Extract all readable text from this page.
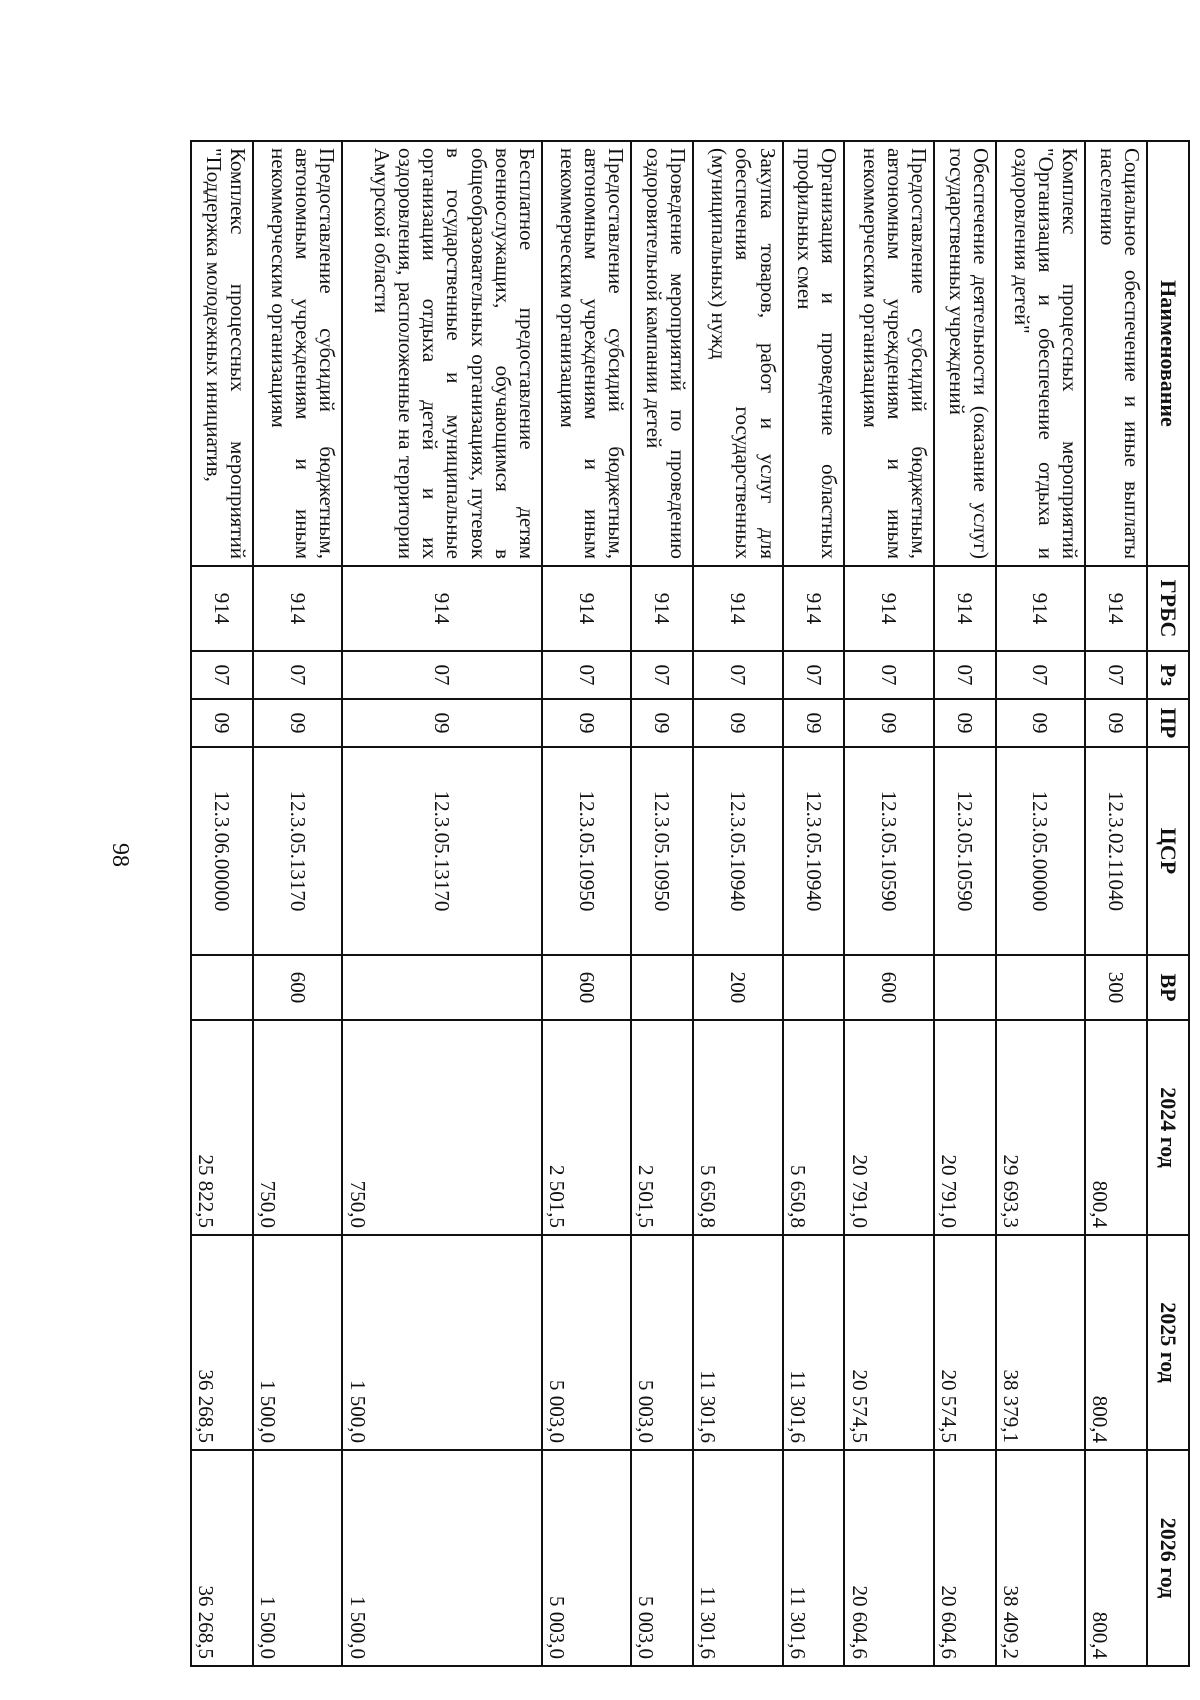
98
Наименование	ГРБС	Рз	ПР	ЦСР	ВР	2024 год	2025 год	2026 год
Социальное обеспечение и иные выплаты населению	914	07	09	12.3.02.11040	300	800,4	800,4	800,4
Комплекс процессных мероприятий "Организация и обеспечение отдыха и оздоровления детей"	914	07	09	12.3.05.00000		29 693,3	38 379,1	38 409,2
Обеспечение деятельности (оказание услуг) государственных учреждений	914	07	09	12.3.05.10590		20 791,0	20 574,5	20 604,6
Предоставление субсидий бюджетным, автономным учреждениям и иным некоммерческим организациям	914	07	09	12.3.05.10590	600	20 791,0	20 574,5	20 604,6
Организация и проведение областных профильных смен	914	07	09	12.3.05.10940		5 650,8	11 301,6	11 301,6
Закупка товаров, работ и услуг для обеспечения государственных (муниципальных) нужд	914	07	09	12.3.05.10940	200	5 650,8	11 301,6	11 301,6
Проведение мероприятий по проведению оздоровительной кампании детей	914	07	09	12.3.05.10950		2 501,5	5 003,0	5 003,0
Предоставление субсидий бюджетным, автономным учреждениям и иным некоммерческим организациям	914	07	09	12.3.05.10950	600	2 501,5	5 003,0	5 003,0
Бесплатное предоставление детям военнослужащих, обучающимся в общеобразовательных организациях, путевок в государственные и муниципальные организации отдыха детей и их оздоровления, расположенные на территории Амурской области	914	07	09	12.3.05.13170		750,0	1 500,0	1 500,0
Предоставление субсидий бюджетным, автономным учреждениям и иным некоммерческим организациям	914	07	09	12.3.05.13170	600	750,0	1 500,0	1 500,0
Комплекс процессных мероприятий "Поддержка молодежных инициатив,	914	07	09	12.3.06.00000		25 822,5	36 268,5	36 268,5
